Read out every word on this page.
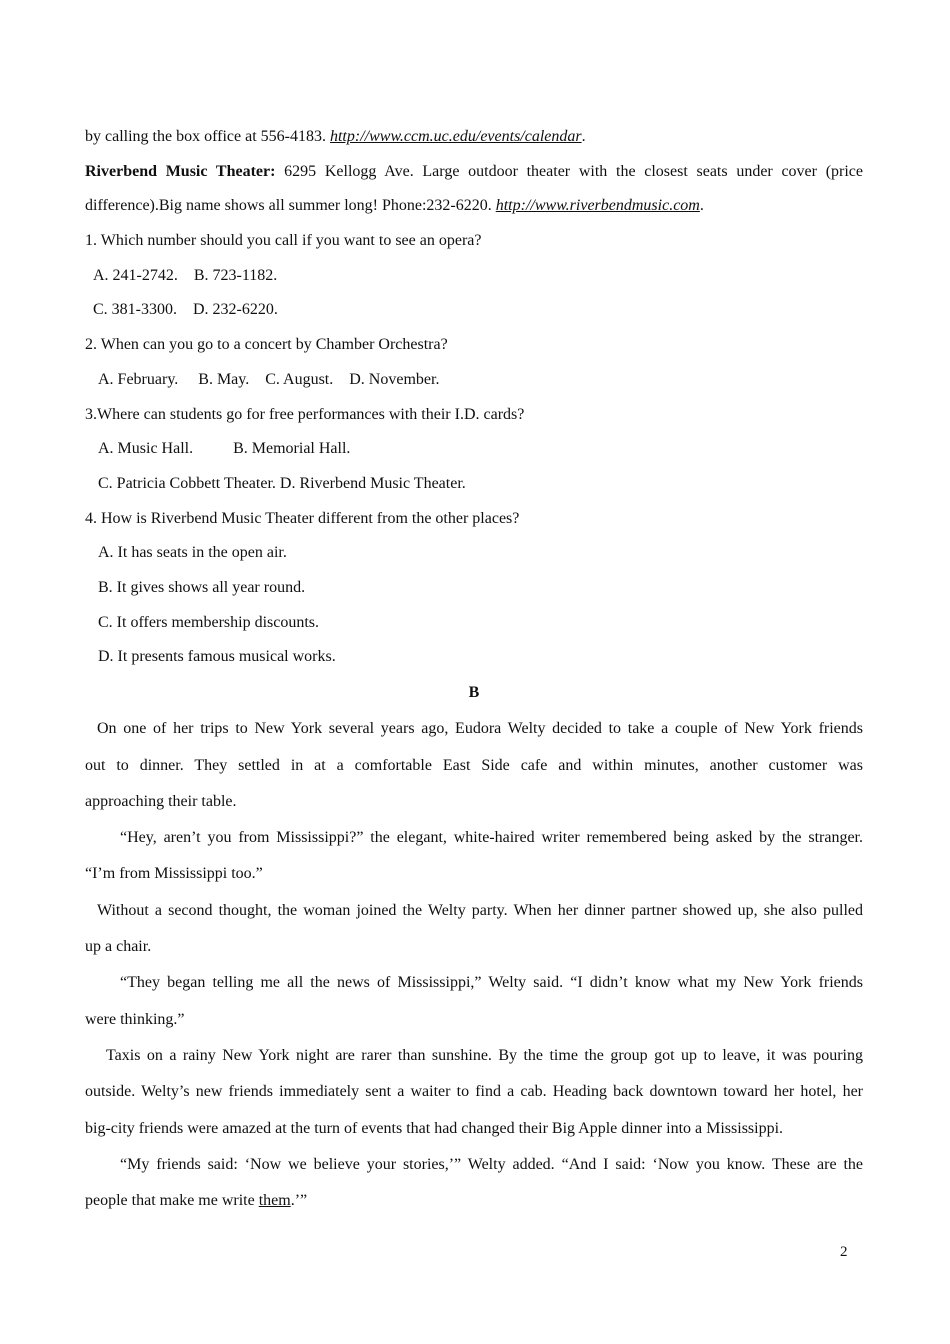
by calling the box office at 556-4183. http://www.ccm.uc.edu/events/calendar.
Riverbend Music Theater: 6295 Kellogg Ave. Large outdoor theater with the closest seats under cover (price
difference).Big name shows all summer long! Phone:232-6220. http://www.riverbendmusic.com.
1. Which number should you call if you want to see an opera?
A. 241-2742.    B. 723-1182.
C. 381-3300.    D. 232-6220.
2. When can you go to a concert by Chamber Orchestra?
A. February.     B. May.    C. August.    D. November.
3.Where can students go for free performances with their I.D. cards?
A. Music Hall.          B. Memorial Hall.
C. Patricia Cobbett Theater. D. Riverbend Music Theater.
4. How is Riverbend Music Theater different from the other places?
A. It has seats in the open air.
B. It gives shows all year round.
C. It offers membership discounts.
D. It presents famous musical works.
B
On one of her trips to New York several years ago, Eudora Welty decided to take a couple of New York friends
out to dinner. They settled in at a comfortable East Side cafe and within minutes, another customer was
approaching their table.
“Hey, aren’t you from Mississippi?” the elegant, white-haired writer remembered being asked by the stranger.
“I’m from Mississippi too.”
Without a second thought, the woman joined the Welty party. When her dinner partner showed up, she also pulled
up a chair.
“They began telling me all the news of Mississippi,” Welty said. “I didn’t know what my New York friends
were thinking.”
Taxis on a rainy New York night are rarer than sunshine. By the time the group got up to leave, it was pouring
outside. Welty’s new friends immediately sent a waiter to find a cab. Heading back downtown toward her hotel, her
big-city friends were amazed at the turn of events that had changed their Big Apple dinner into a Mississippi.
“My friends said: ‘Now we believe your stories,’” Welty added. “And I said: ‘Now you know. These are the
people that make me write them.’”
2
